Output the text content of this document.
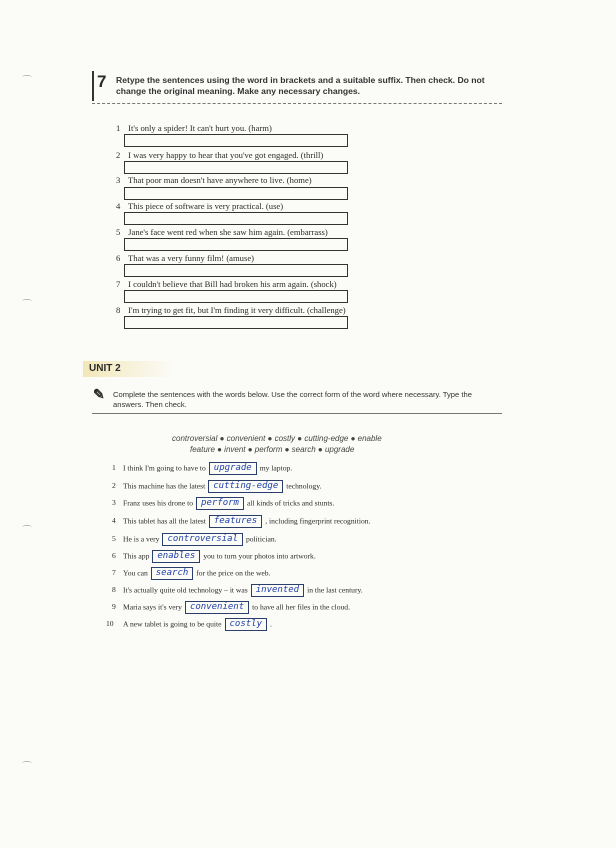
⌒
⌒
⌒
⌒
7 Retype the sentences using the word in brackets and a suitable suffix. Then check. Do not change the original meaning. Make any necessary changes.
1 It's only a spider! It can't hurt you. (harm)
2 I was very happy to hear that you've got engaged. (thrill)
3 That poor man doesn't have anywhere to live. (home)
4 This piece of software is very practical. (use)
5 Jane's face went red when she saw him again. (embarrass)
6 That was a very funny film! (amuse)
7 I couldn't believe that Bill had broken his arm again. (shock)
8 I'm trying to get fit, but I'm finding it very difficult. (challenge)
UNIT 2
✎ Complete the sentences with the words below. Use the correct form of the word where necessary. Type the answers. Then check.
controversial ● convenient ● costly ● cutting-edge ● enable
feature ● invent ● perform ● search ● upgrade
1 I think I'm going to have to upgrade my laptop.
2 This machine has the latest cutting-edge technology.
3 Franz uses his drone to perform all kinds of tricks and stunts.
4 This tablet has all the latest features , including fingerprint recognition.
5 He is a very controversial politician.
6 This app enables you to turn your photos into artwork.
7 You can search for the price on the web.
8 It's actually quite old technology – it was invented in the last century.
9 Maria says it's very convenient to have all her files in the cloud.
10 A new tablet is going to be quite costly .
